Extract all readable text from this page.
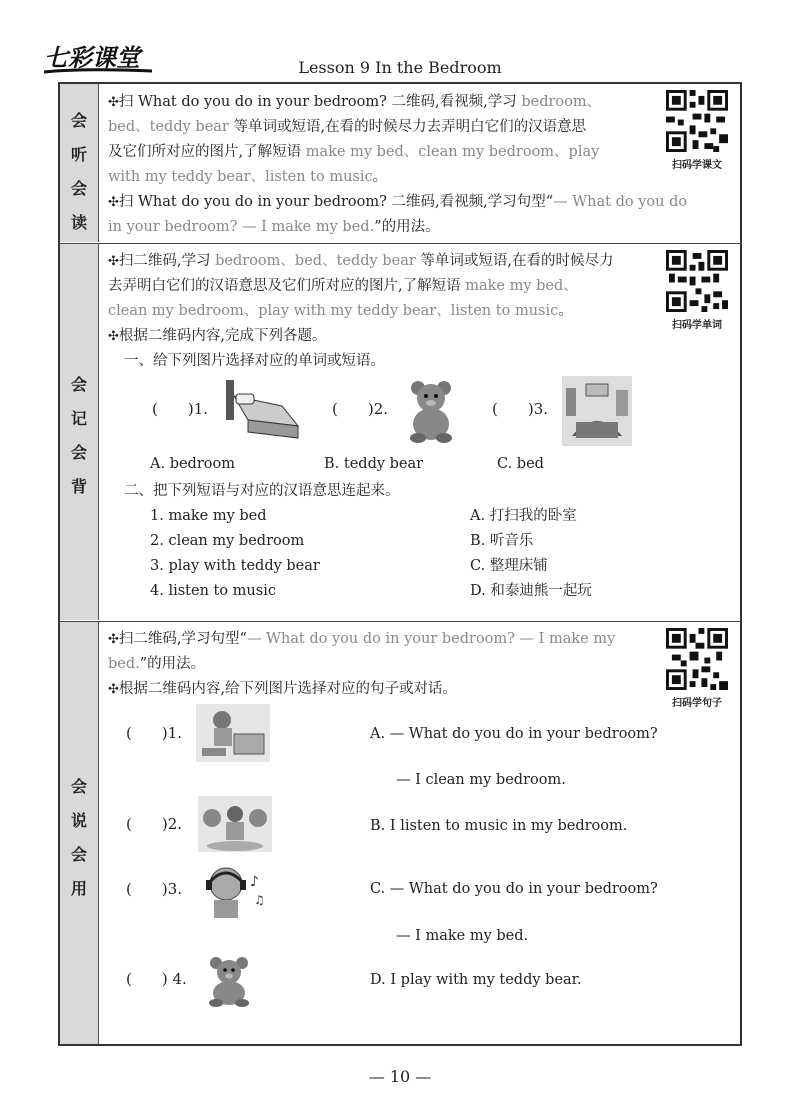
七彩课堂	Lesson 9 In the Bedroom
会
听
会
读
会
记
会
背
会
说
会
用
扫码学课文
✣扫 What do you do in your bedroom? 二维码,看视频,学习 bedroom、
bed、teddy bear 等单词或短语,在看的时候尽力去弄明白它们的汉语意思
及它们所对应的图片,了解短语 make my bed、clean my bedroom、play
with my teddy bear、listen to music。
✣扫 What do you do in your bedroom? 二维码,看视频,学习句型“— What do you do
in your bedroom? — I make my bed.”的用法。
扫码学单词
✣扫二维码,学习 bedroom、bed、teddy bear 等单词或短语,在看的时候尽力
去弄明白它们的汉语意思及它们所对应的图片,了解短语 make my bed、
clean my bedroom、play with my teddy bear、listen to music。
✣根据二维码内容,完成下列各题。
一、给下列图片选择对应的单词或短语。
( )1.	( )2.	( )3.
A. bedroom	B. teddy bear	C. bed
二、把下列短语与对应的汉语意思连起来。
1. make my bed
2. clean my bedroom
3. play with teddy bear
4. listen to music
A. 打扫我的卧室
B. 听音乐
C. 整理床铺
D. 和泰迪熊一起玩
扫码学句子
✣扫二维码,学习句型“— What do you do in your bedroom? — I make my
bed.”的用法。
✣根据二维码内容,给下列图片选择对应的句子或对话。
( )1.
( )2.
( )3.	♪
♫
( ) 4.
A. — What do you do in your bedroom?
— I clean my bedroom.
B. I listen to music in my bedroom.
C. — What do you do in your bedroom?
— I make my bed.
D. I play with my teddy bear.
— 10 —
